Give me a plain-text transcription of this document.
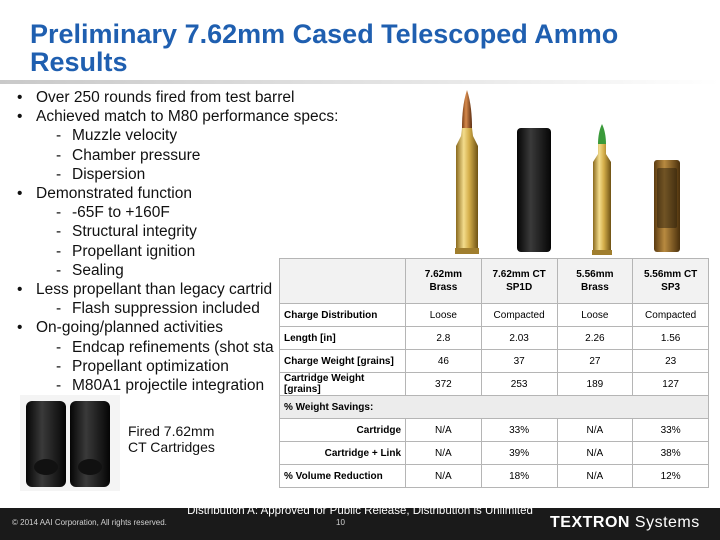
Preliminary 7.62mm Cased Telescoped Ammo Results
• Over 250 rounds fired from test barrel
• Achieved match to M80 performance specs:
- Muzzle velocity
- Chamber pressure
- Dispersion
• Demonstrated function
- -65F to +160F
- Structural integrity
- Propellant ignition
- Sealing
• Less propellant than legacy cartrid
- Flash suppression included
• On-going/planned activities
- Endcap refinements (shot sta
- Propellant optimization
- M80A1 projectile integration
	7.62mm Brass	7.62mm CT SP1D	5.56mm Brass	5.56mm CT SP3
Charge Distribution	Loose	Compacted	Loose	Compacted
Length [in]	2.8	2.03	2.26	1.56
Charge Weight [grains]	46	37	27	23
Cartridge Weight [grains]	372	253	189	127
% Weight Savings:				
Cartridge	N/A	33%	N/A	33%
Cartridge + Link	N/A	39%	N/A	38%
% Volume Reduction	N/A	18%	N/A	12%
Fired 7.62mm
CT Cartridges
Distribution A: Approved for Public Release, Distribution is Unlimited
© 2014 AAI Corporation, All rights reserved.	10	TEXTRON Systems
